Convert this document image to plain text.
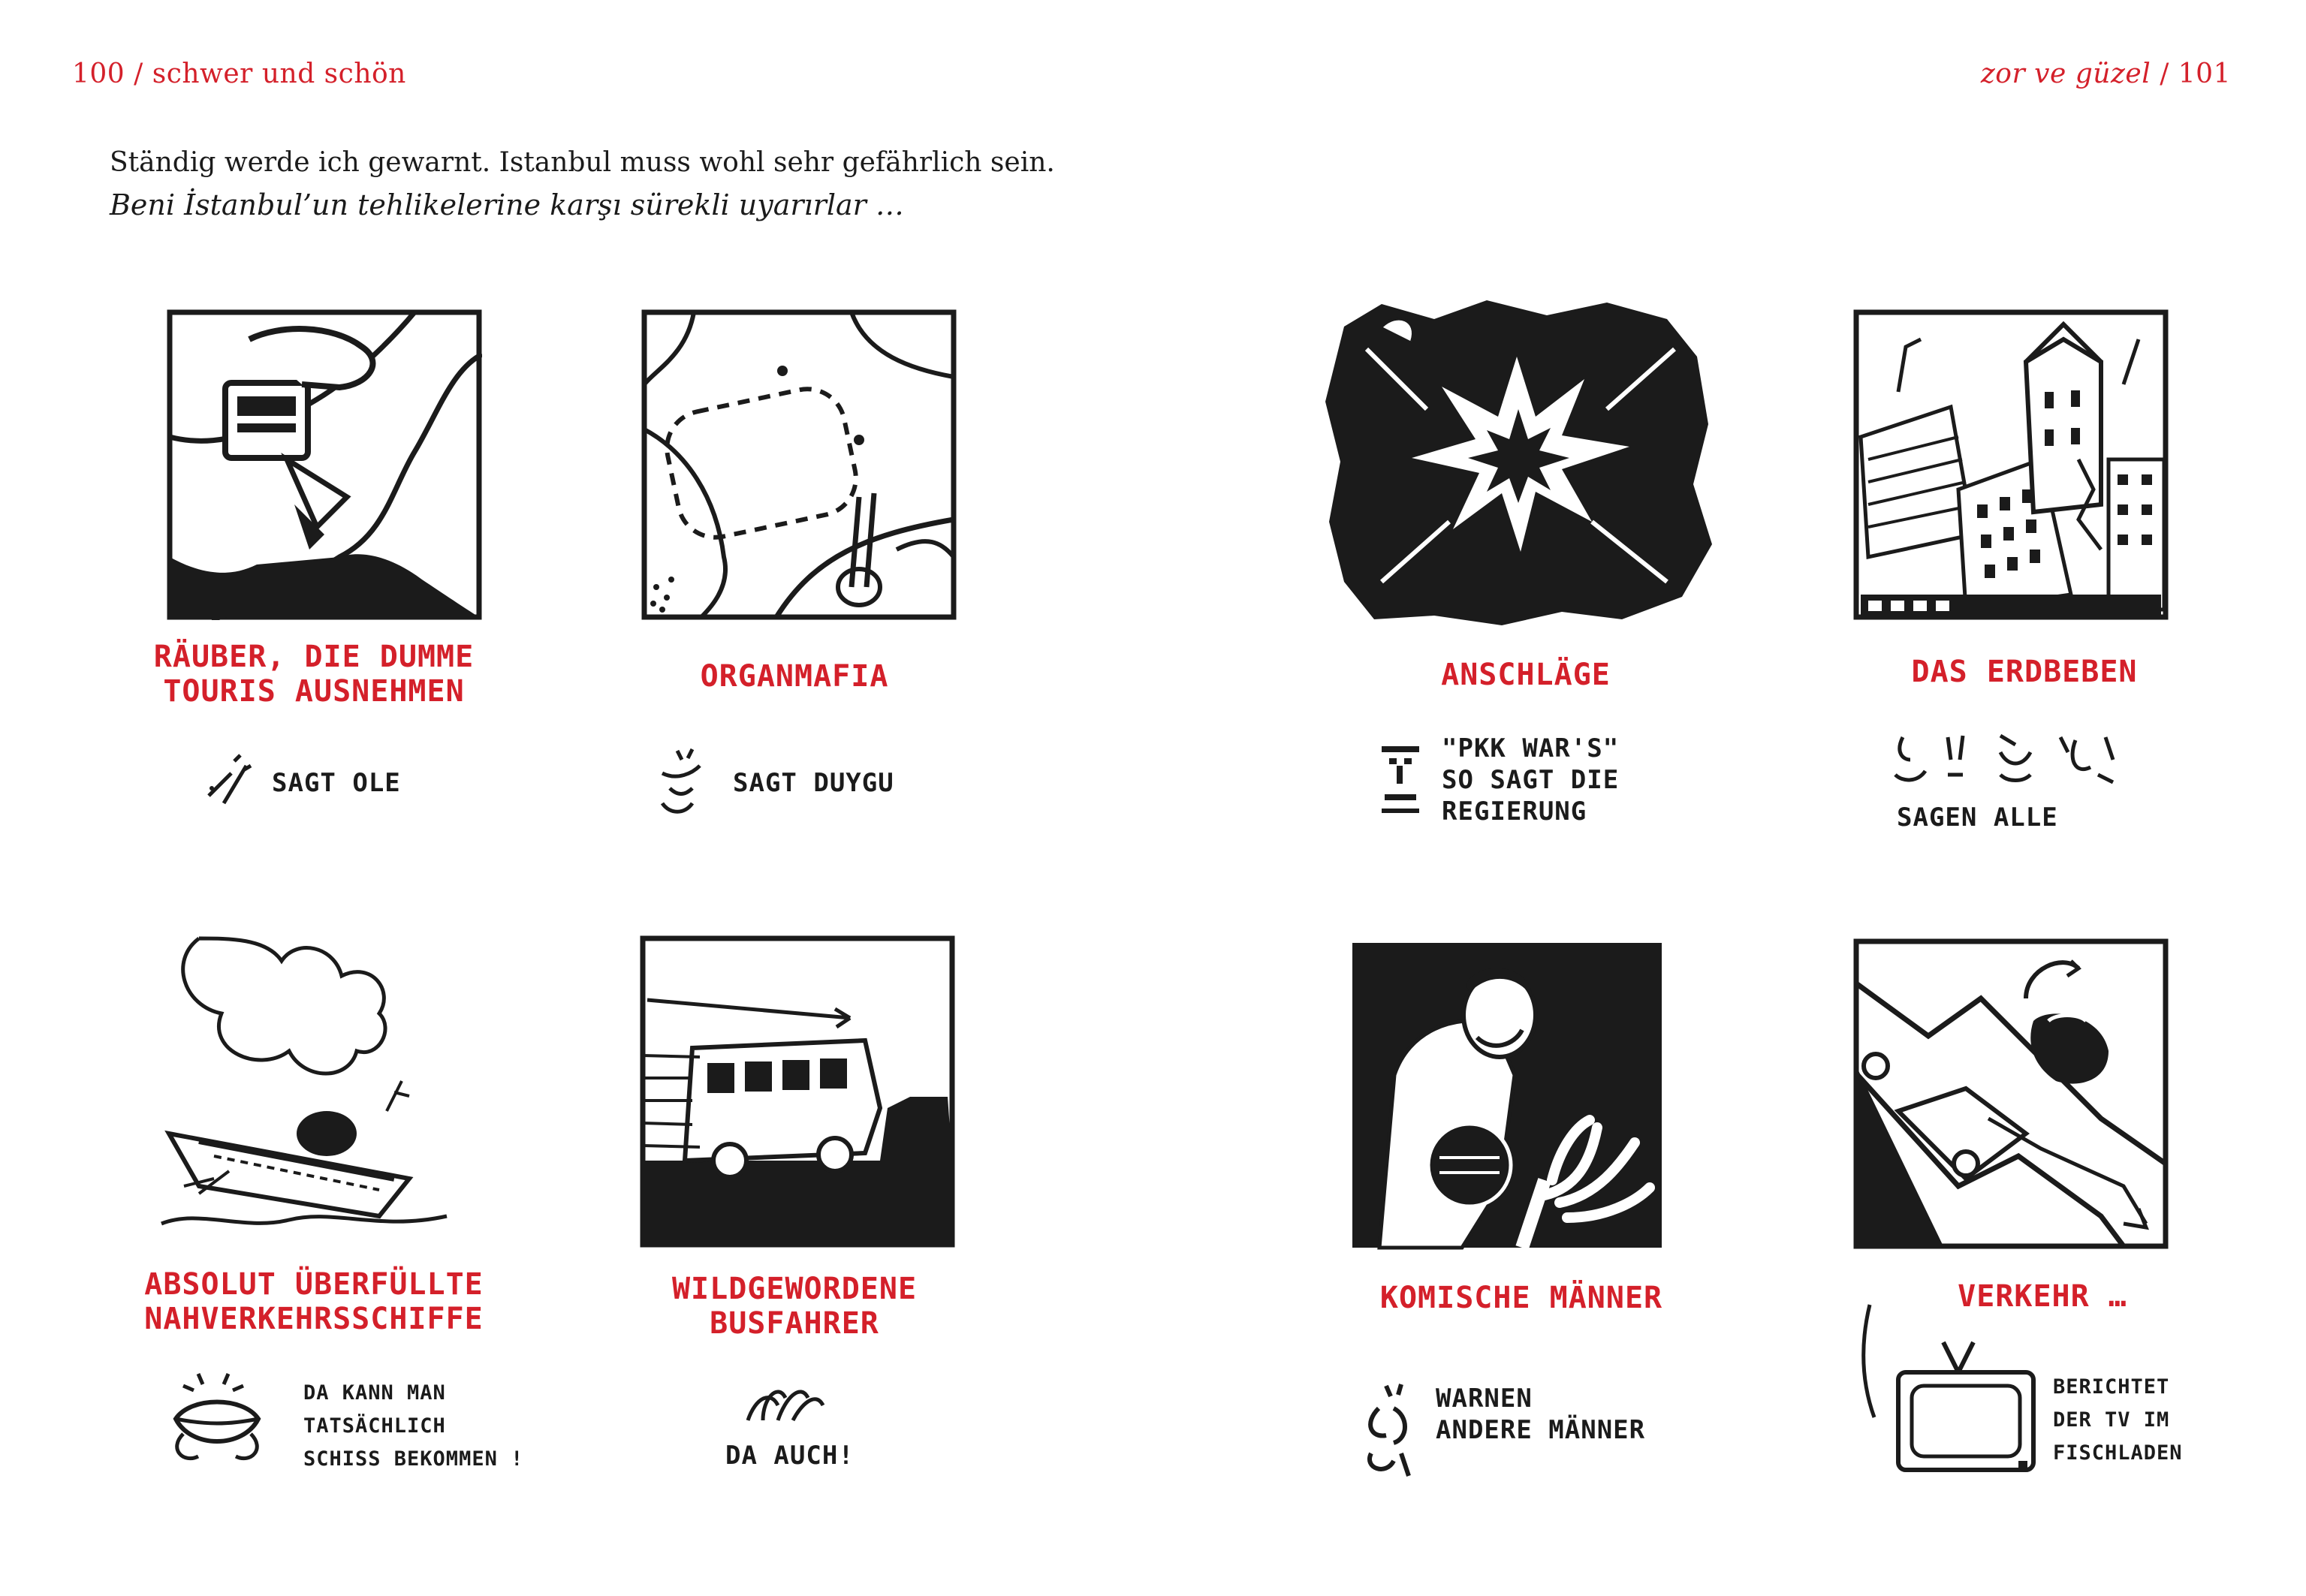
100 / schwer und schön	zor ve güzel / 101
Ständig werde ich gewarnt. Istanbul muss wohl sehr gefährlich sein.
Beni İstanbul’un tehlikelerine karşı sürekli uyarırlar …
RÄUBER, DIE DUMME
TOURIS AUSNEHMEN	ORGANMAFIA	ANSCHLÄGE	DAS ERDBEBEN
ABSOLUT ÜBERFÜLLTE
NAHVERKEHRSSCHIFFE
WILDGEWORDENE
BUSFAHRER
KOMISCHE MÄNNER	VERKEHR …
SAGT OLE	SAGT DUYGU
"PKK WAR'S"
SO SAGT DIE
REGIERUNG	SAGEN ALLE
DA KANN MAN
TATSÄCHLICH
SCHISS BEKOMMEN !	DA AUCH!
WARNEN
ANDERE MÄNNER
BERICHTET
DER TV IM
FISCHLADEN
